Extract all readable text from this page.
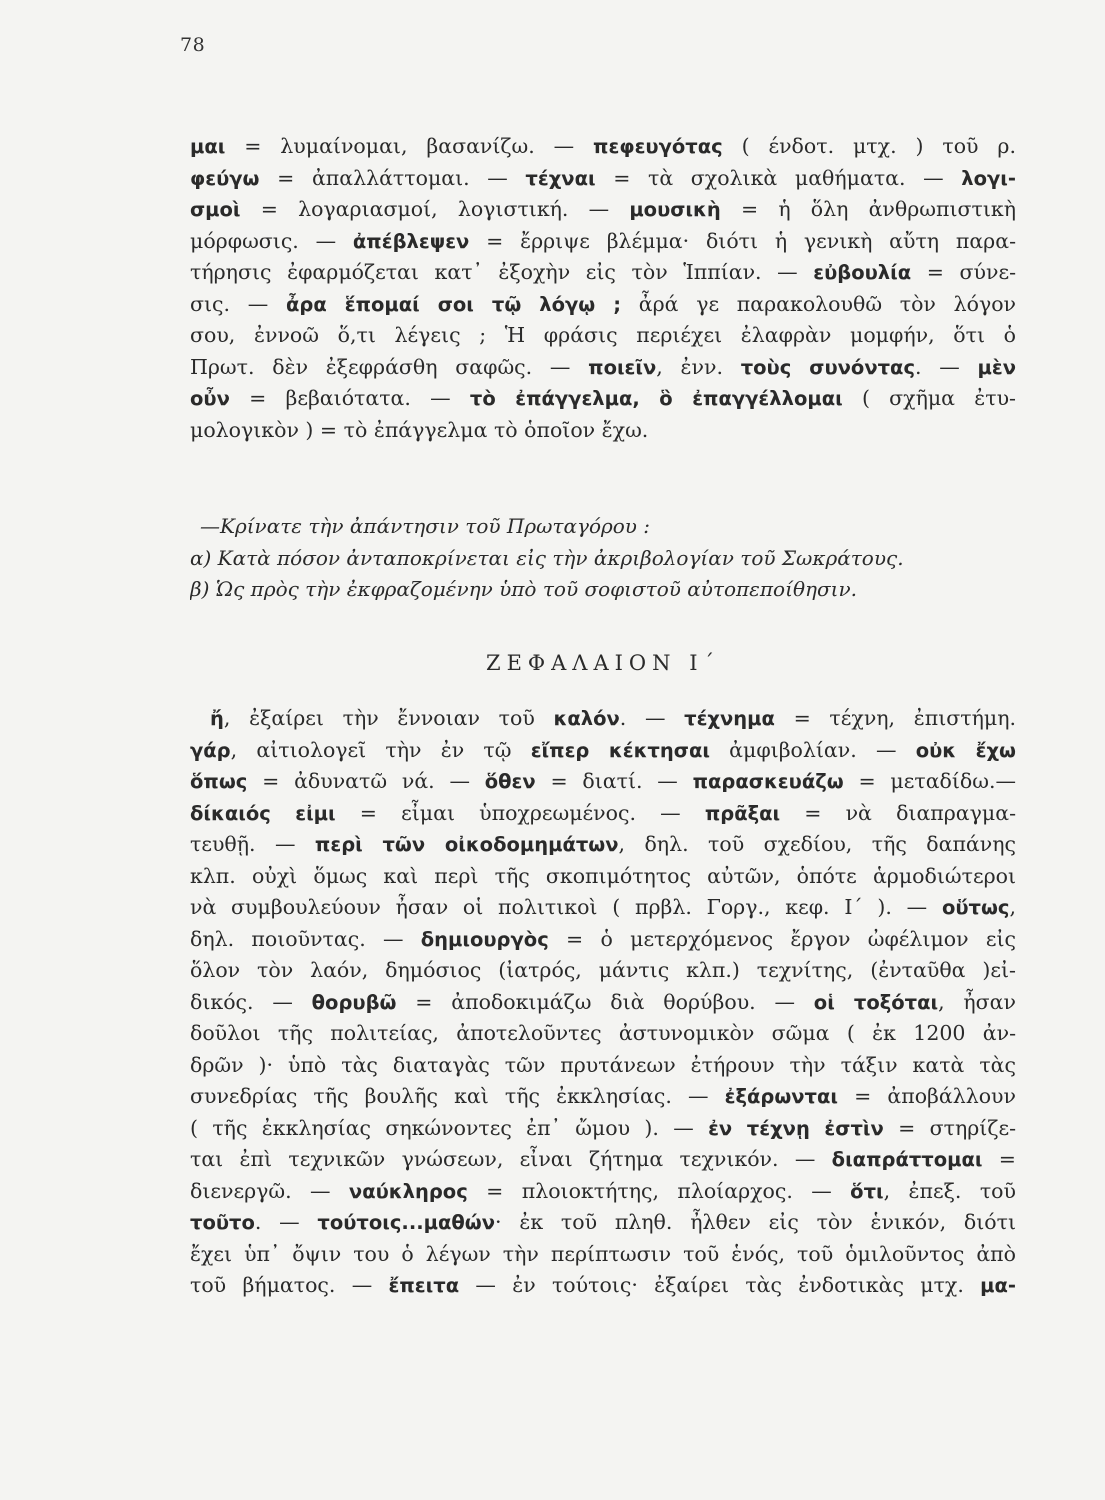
78
μαι = λυμαίνομαι, βασανίζω. — πεφευγότας ( ένδοτ. μτχ. ) τοῦ ρ.
φεύγω = ἀπαλλάττομαι. — τέχναι = τὰ σχολικὰ μαθήματα. — λογι-
σμοὶ = λογαριασμοί, λογιστική. — μουσικὴ = ἡ ὅλη ἀνθρωπιστικὴ
μόρφωσις. — ἀπέβλεψεν = ἔρριψε βλέμμα· διότι ἡ γενικὴ αὔτη παρα-
τήρησις ἐφαρμόζεται κατ᾽ ἐξοχὴν εἰς τὸν Ἱππίαν. — εὐβουλία = σύνε-
σις. — ἆρα ἕπομαί σοι τῷ λόγῳ ; ἆρά γε παρακολουθῶ τὸν λόγον
σου, ἐννοῶ ὅ,τι λέγεις ; Ἡ φράσις περιέχει ἐλαφρὰν μομφήν, ὅτι ὁ
Πρωτ. δὲν ἐξεφράσθη σαφῶς. — ποιεῖν, ἐνν. τοὺς συνόντας. — μὲν
οὖν = βεβαιότατα. — τὸ ἐπάγγελμα, ὃ ἐπαγγέλλομαι ( σχῆμα ἐτυ-
μολογικὸν ) = τὸ ἐπάγγελμα τὸ ὁποῖον ἔχω.
—Κρίνατε τὴν ἀπάντησιν τοῦ Πρωταγόρου :
α) Κατὰ πόσον ἀνταποκρίνεται εἰς τὴν ἀκριβολογίαν τοῦ Σωκράτους.
β) Ὡς πρὸς τὴν ἐκφραζομένην ὑπὸ τοῦ σοφιστοῦ αὐτοπεποίθησιν.
ΖΕΦΑΛΑΙΟΝ Ι΄
ἤ, ἐξαίρει τὴν ἔννοιαν τοῦ καλόν. — τέχνημα = τέχνη, ἐπιστήμη.
γάρ, αἰτιολογεῖ τὴν ἐν τῷ εἴπερ κέκτησαι ἀμφιβολίαν. — οὐκ ἔχω
ὅπως = ἀδυνατῶ νά. — ὅθεν = διατί. — παρασκευάζω = μεταδίδω.—
δίκαιός εἰμι = εἶμαι ὑποχρεωμένος. — πρᾶξαι = νὰ διαπραγμα-
τευθῇ. — περὶ τῶν οἰκοδομημάτων, δηλ. τοῦ σχεδίου, τῆς δαπάνης
κλπ. οὐχὶ ὅμως καὶ περὶ τῆς σκοπιμότητος αὐτῶν, ὁπότε ἁρμοδιώτεροι
νὰ συμβουλεύουν ἦσαν οἱ πολιτικοὶ ( πρβλ. Γοργ., κεφ. Ι΄ ). — οὕτως,
δηλ. ποιοῦντας. — δημιουργὸς = ὁ μετερχόμενος ἔργον ὠφέλιμον εἰς
ὅλον τὸν λαόν, δημόσιος (ἰατρός, μάντις κλπ.) τεχνίτης, (ἐνταῦθα )εἰ-
δικός. — θορυβῶ = ἀποδοκιμάζω διὰ θορύβου. — οἱ τοξόται, ἦσαν
δοῦλοι τῆς πολιτείας, ἀποτελοῦντες ἀστυνομικὸν σῶμα ( ἐκ 1200 ἀν-
δρῶν )· ὑπὸ τὰς διαταγὰς τῶν πρυτάνεων ἐτήρουν τὴν τάξιν κατὰ τὰς
συνεδρίας τῆς βουλῆς καὶ τῆς ἐκκλησίας. — ἐξάρωνται = ἀποβάλλουν
( τῆς ἐκκλησίας σηκώνοντες ἐπ᾽ ὤμου ). — ἐν τέχνῃ ἐστὶν = στηρίζε-
ται ἐπὶ τεχνικῶν γνώσεων, εἶναι ζήτημα τεχνικόν. — διαπράττομαι =
διενεργῶ. — ναύκληρος = πλοιοκτήτης, πλοίαρχος. — ὅτι, ἐπεξ. τοῦ
τοῦτο. — τούτοις...μαθών· ἐκ τοῦ πληθ. ἦλθεν εἰς τὸν ἑνικόν, διότι
ἔχει ὑπ᾽ ὄψιν του ὁ λέγων τὴν περίπτωσιν τοῦ ἑνός, τοῦ ὁμιλοῦντος ἀπὸ
τοῦ βήματος. — ἔπειτα — ἐν τούτοις· ἐξαίρει τὰς ἐνδοτικὰς μτχ. μα-
